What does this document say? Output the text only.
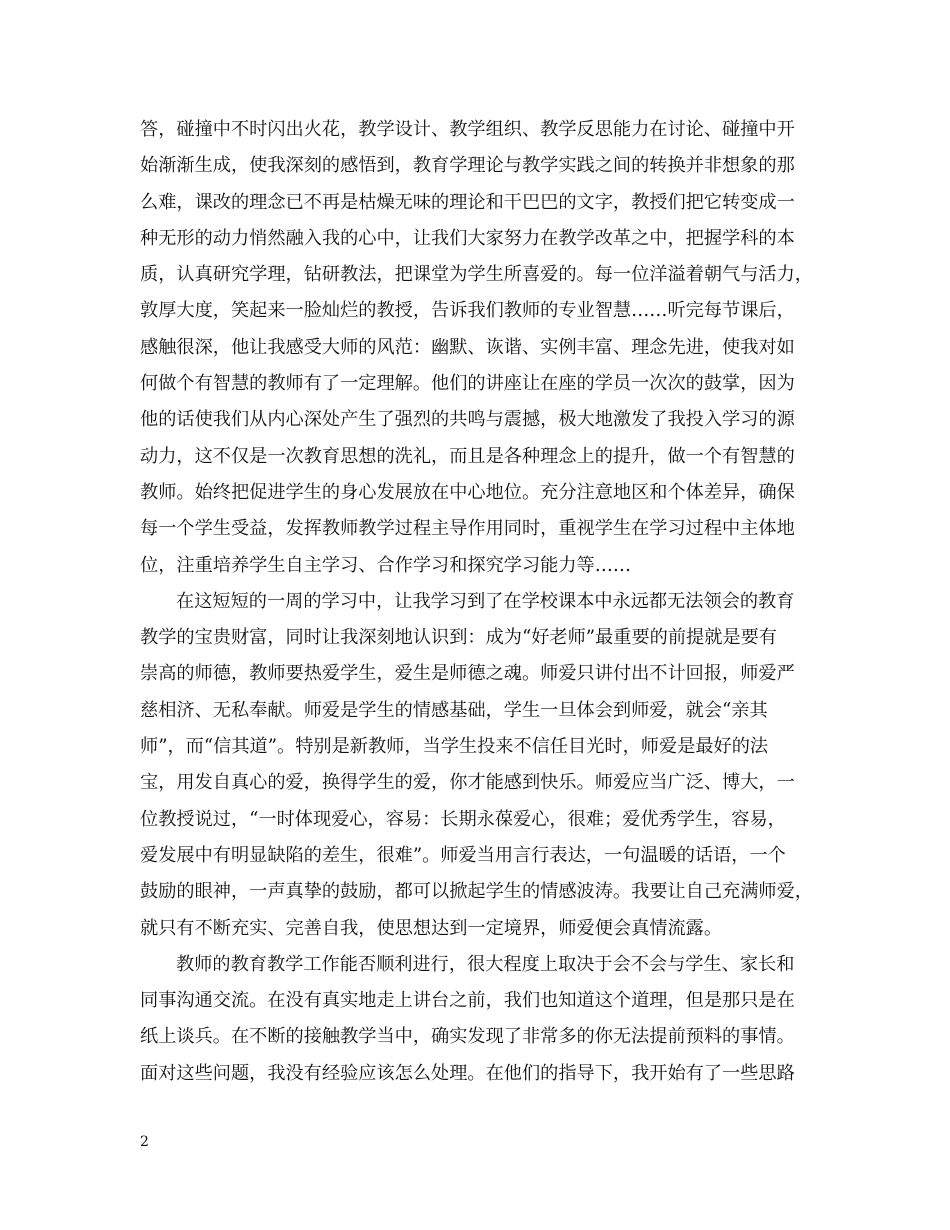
答，碰撞中不时闪出火花，教学设计、教学组织、教学反思能力在讨论、碰撞中开
始渐渐生成，使我深刻的感悟到，教育学理论与教学实践之间的转换并非想象的那
么难，课改的理念已不再是枯燥无味的理论和干巴巴的文字，教授们把它转变成一
种无形的动力悄然融入我的心中，让我们大家努力在教学改革之中，把握学科的本
质，认真研究学理，钻研教法，把课堂为学生所喜爱的。每一位洋溢着朝气与活力，
敦厚大度，笑起来一脸灿烂的教授，告诉我们教师的专业智慧……听完每节课后，
感触很深，他让我感受大师的风范：幽默、诙谐、实例丰富、理念先进，使我对如
何做个有智慧的教师有了一定理解。他们的讲座让在座的学员一次次的鼓掌，因为
他的话使我们从内心深处产生了强烈的共鸣与震撼，极大地激发了我投入学习的源
动力，这不仅是一次教育思想的洗礼，而且是各种理念上的提升，做一个有智慧的
教师。始终把促进学生的身心发展放在中心地位。充分注意地区和个体差异，确保
每一个学生受益，发挥教师教学过程主导作用同时，重视学生在学习过程中主体地
位，注重培养学生自主学习、合作学习和探究学习能力等……
在这短短的一周的学习中，让我学习到了在学校课本中永远都无法领会的教育
教学的宝贵财富，同时让我深刻地认识到：成为“好老师”最重要的前提就是要有
崇高的师德，教师要热爱学生，爱生是师德之魂。师爱只讲付出不计回报，师爱严
慈相济、无私奉献。师爱是学生的情感基础，学生一旦体会到师爱，就会“亲其
师”，而“信其道”。特别是新教师，当学生投来不信任目光时，师爱是最好的法
宝，用发自真心的爱，换得学生的爱，你才能感到快乐。师爱应当广泛、博大，一
位教授说过，“一时体现爱心，容易：长期永葆爱心，很难；爱优秀学生，容易，
爱发展中有明显缺陷的差生，很难”。师爱当用言行表达，一句温暖的话语，一个
鼓励的眼神，一声真挚的鼓励，都可以掀起学生的情感波涛。我要让自己充满师爱，
就只有不断充实、完善自我，使思想达到一定境界，师爱便会真情流露。
教师的教育教学工作能否顺利进行，很大程度上取决于会不会与学生、家长和
同事沟通交流。在没有真实地走上讲台之前，我们也知道这个道理，但是那只是在
纸上谈兵。在不断的接触教学当中，确实发现了非常多的你无法提前预料的事情。
面对这些问题，我没有经验应该怎么处理。在他们的指导下，我开始有了一些思路
2
